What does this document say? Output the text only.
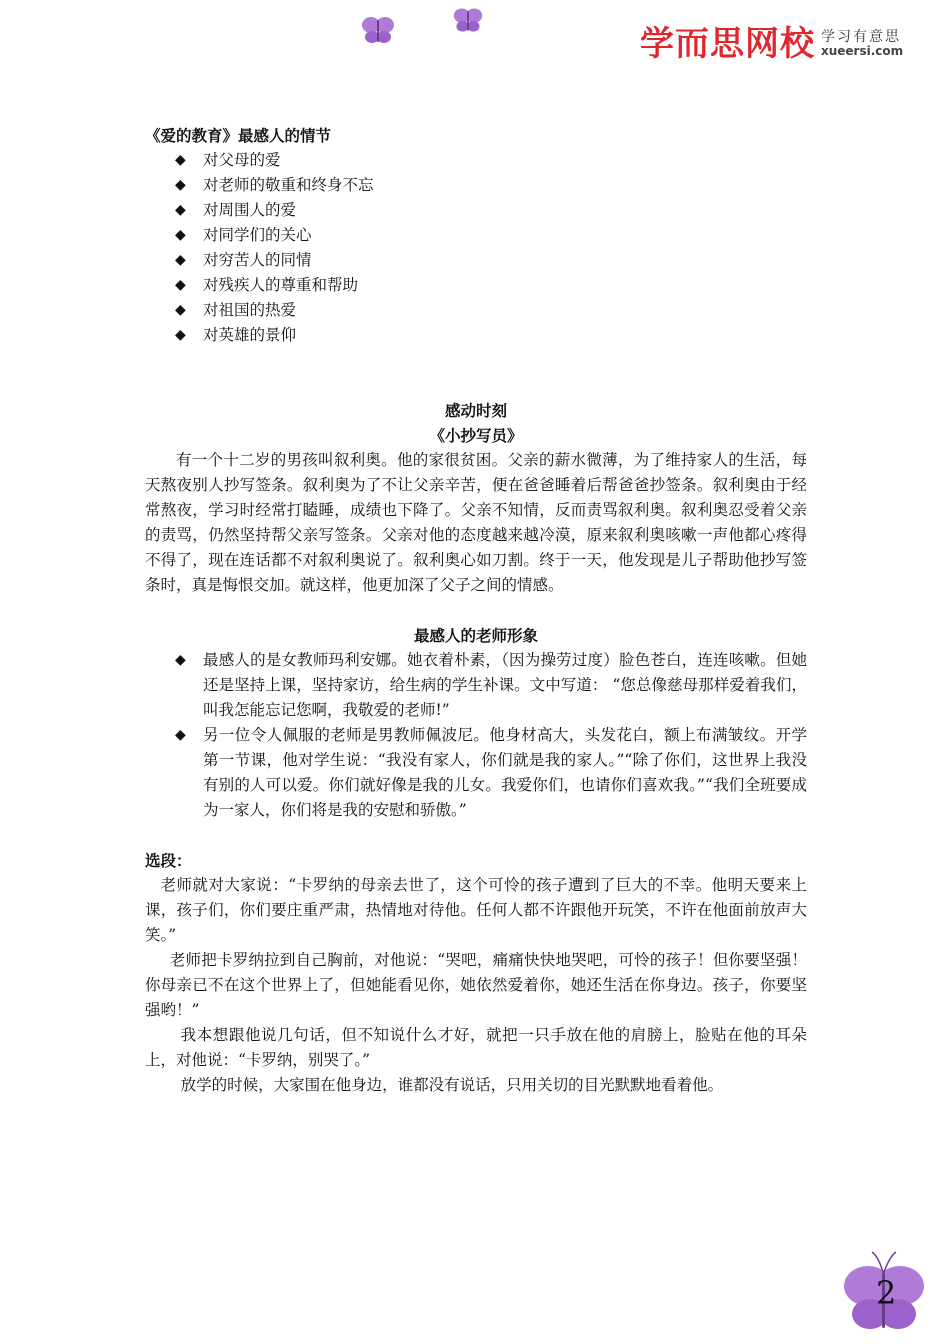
学而思网校 学习有意思
xueersi.com

《爱的教育》最感人的情节

◆ 对父母的爱
◆ 对老师的敬重和终身不忘
◆ 对周围人的爱
◆ 对同学们的关心
◆ 对穷苦人的同情
◆ 对残疾人的尊重和帮助
◆ 对祖国的热爱
◆ 对英雄的景仰

感动时刻

《小抄写员》

有一个十二岁的男孩叫叙利奥。他的家很贫困。父亲的薪水微薄，为了维持家人的生活，每天熬夜别人抄写签条。叙利奥为了不让父亲辛苦，便在爸爸睡着后帮爸爸抄签条。叙利奥由于经常熬夜，学习时经常打瞌睡，成绩也下降了。父亲不知情，反而责骂叙利奥。叙利奥忍受着父亲的责骂，仍然坚持帮父亲写签条。父亲对他的态度越来越冷漠，原来叙利奥咳嗽一声他都心疼得不得了，现在连话都不对叙利奥说了。叙利奥心如刀割。终于一天，他发现是儿子帮助他抄写签条时，真是悔恨交加。就这样，他更加深了父子之间的情感。

最感人的老师形象

◆ 最感人的是女教师玛利安娜。她衣着朴素，（因为操劳过度）脸色苍白，连连咳嗽。但她还是坚持上课，坚持家访，给生病的学生补课。文中写道： “您总像慈母那样爱着我们，叫我怎能忘记您啊，我敬爱的老师!”
◆ 另一位令人佩服的老师是男教师佩波尼。他身材高大，头发花白，额上布满皱纹。开学第一节课，他对学生说：“我没有家人，你们就是我的家人。”“除了你们，这世界上我没有别的人可以爱。你们就好像是我的儿女。我爱你们，也请你们喜欢我。”“我们全班要成为一家人，你们将是我的安慰和骄傲。”

选段：

老师就对大家说：“卡罗纳的母亲去世了，这个可怜的孩子遭到了巨大的不幸。他明天要来上课，孩子们，你们要庄重严肃，热情地对待他。任何人都不许跟他开玩笑，不许在他面前放声大笑。”

老师把卡罗纳拉到自己胸前，对他说：“哭吧，痛痛快快地哭吧，可怜的孩子！但你要坚强！你母亲已不在这个世界上了，但她能看见你，她依然爱着你，她还生活在你身边。孩子，你要坚强哟！”

我本想跟他说几句话，但不知说什么才好，就把一只手放在他的肩膀上，脸贴在他的耳朵上，对他说：“卡罗纳，别哭了。”

放学的时候，大家围在他身边，谁都没有说话，只用关切的目光默默地看着他。

2
